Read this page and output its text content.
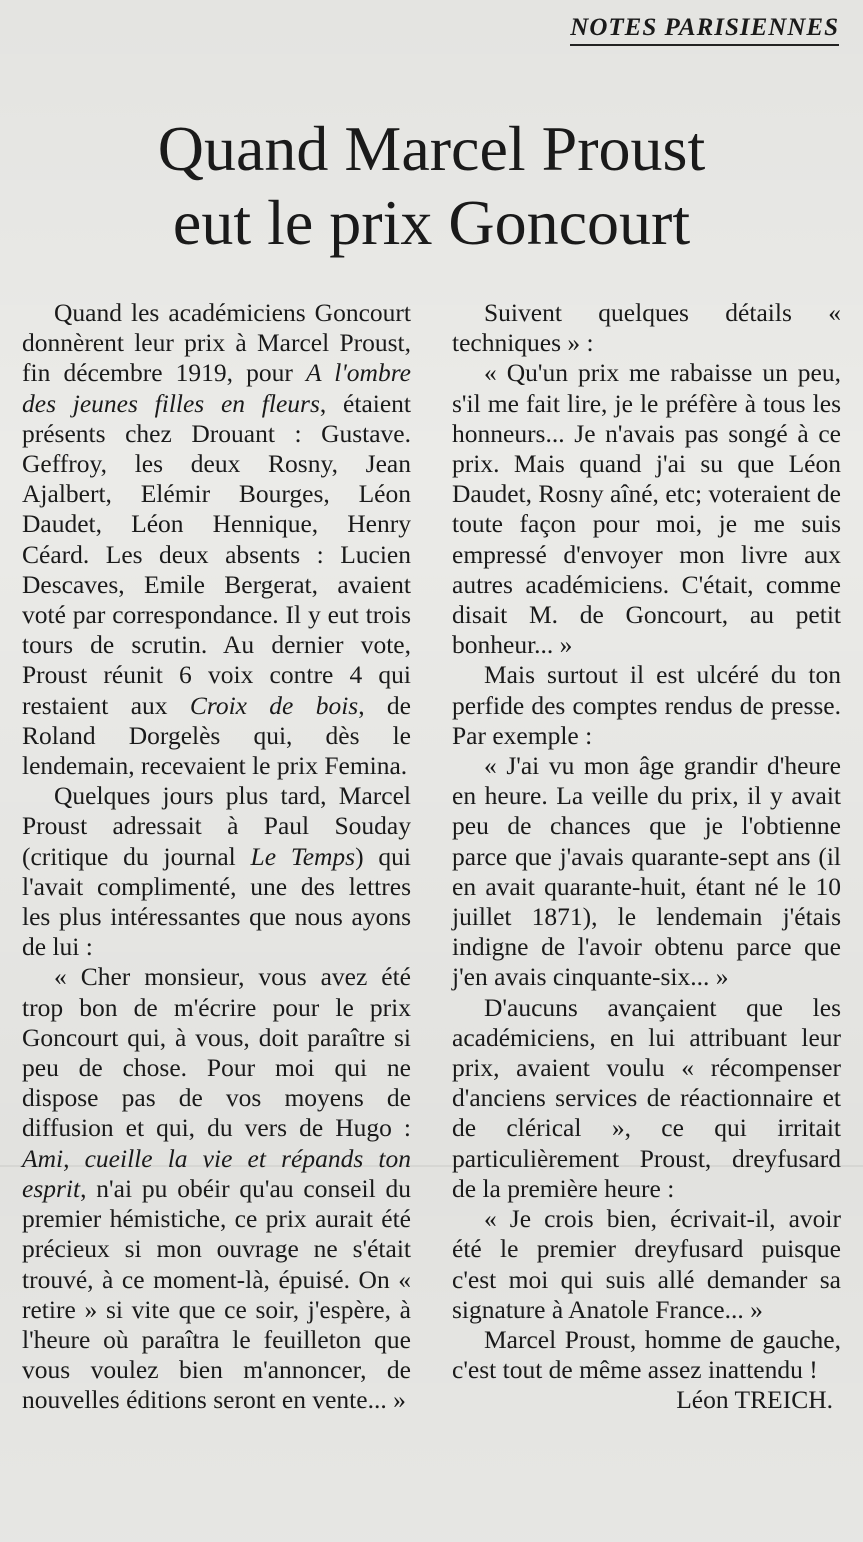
NOTES PARISIENNES
Quand Marcel Proust
eut le prix Goncourt

Quand les académiciens Goncourt donnèrent leur prix à Marcel Proust, fin décembre 1919, pour A l'ombre des jeunes filles en fleurs, étaient présents chez Drouant : Gustave. Geffroy, les deux Rosny, Jean Ajalbert, Elémir Bourges, Léon Daudet, Léon Hennique, Henry Céard. Les deux absents : Lucien Descaves, Emile Bergerat, avaient voté par correspondance. Il y eut trois tours de scrutin. Au dernier vote, Proust réunit 6 voix contre 4 qui restaient aux Croix de bois, de Roland Dorgelès qui, dès le lendemain, recevaient le prix Femina.

Quelques jours plus tard, Marcel Proust adressait à Paul Souday (critique du journal Le Temps) qui l'avait complimenté, une des lettres les plus intéressantes que nous ayons de lui :

« Cher monsieur, vous avez été trop bon de m'écrire pour le prix Goncourt qui, à vous, doit paraître si peu de chose. Pour moi qui ne dispose pas de vos moyens de diffusion et qui, du vers de Hugo : Ami, cueille la vie et répands ton esprit, n'ai pu obéir qu'au conseil du premier hémistiche, ce prix aurait été précieux si mon ouvrage ne s'était trouvé, à ce moment-là, épuisé. On « retire » si vite que ce soir, j'espère, à l'heure où paraîtra le feuilleton que vous voulez bien m'annoncer, de nouvelles éditions seront en vente... »

Suivent quelques détails « techniques » :

« Qu'un prix me rabaisse un peu, s'il me fait lire, je le préfère à tous les honneurs... Je n'avais pas songé à ce prix. Mais quand j'ai su que Léon Daudet, Rosny aîné, etc; voteraient de toute façon pour moi, je me suis empressé d'envoyer mon livre aux autres académiciens. C'était, comme disait M. de Goncourt, au petit bonheur... »

Mais surtout il est ulcéré du ton perfide des comptes rendus de presse. Par exemple :

« J'ai vu mon âge grandir d'heure en heure. La veille du prix, il y avait peu de chances que je l'obtienne parce que j'avais quarante-sept ans (il en avait quarante-huit, étant né le 10 juillet 1871), le lendemain j'étais indigne de l'avoir obtenu parce que j'en avais cinquante-six... »

D'aucuns avançaient que les académiciens, en lui attribuant leur prix, avaient voulu « récompenser d'anciens services de réactionnaire et de clérical », ce qui irritait particulièrement Proust, dreyfusard de la première heure :

« Je crois bien, écrivait-il, avoir été le premier dreyfusard puisque c'est moi qui suis allé demander sa signature à Anatole France... »

Marcel Proust, homme de gauche, c'est tout de même assez inattendu !

Léon TREICH.
